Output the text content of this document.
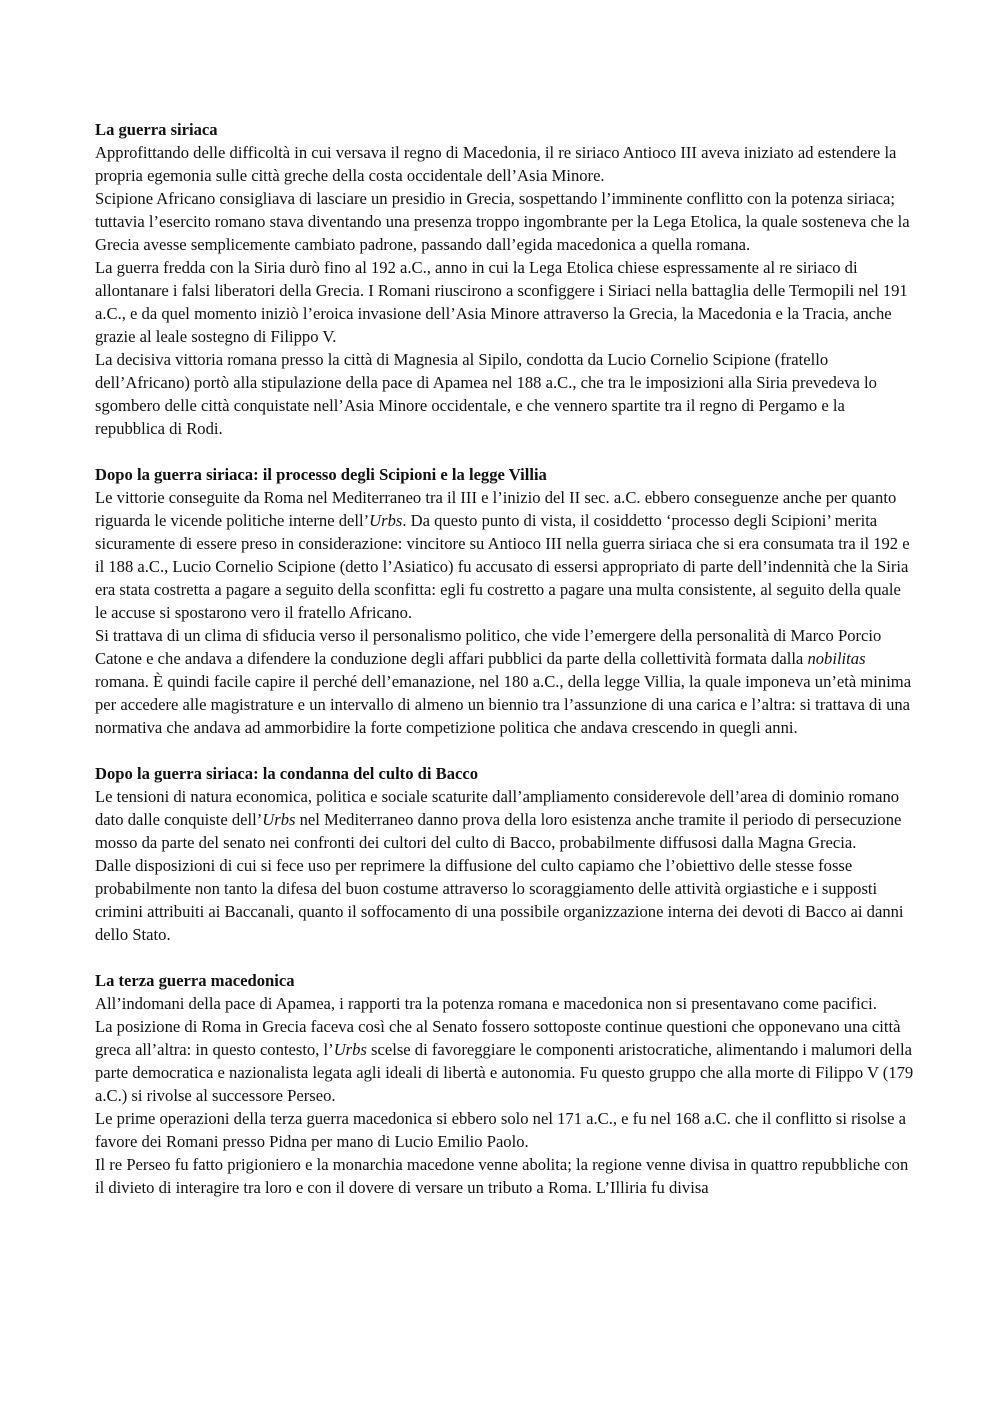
La guerra siriaca

Approfittando delle difficoltà in cui versava il regno di Macedonia, il re siriaco Antioco III aveva iniziato ad estendere la propria egemonia sulle città greche della costa occidentale dell’Asia Minore.

Scipione Africano consigliava di lasciare un presidio in Grecia, sospettando l’imminente conflitto con la potenza siriaca; tuttavia l’esercito romano stava diventando una presenza troppo ingombrante per la Lega Etolica, la quale sosteneva che la Grecia avesse semplicemente cambiato padrone, passando dall’egida macedonica a quella romana.

La guerra fredda con la Siria durò fino al 192 a.C., anno in cui la Lega Etolica chiese espressamente al re siriaco di allontanare i falsi liberatori della Grecia. I Romani riuscirono a sconfiggere i Siriaci nella battaglia delle Termopili nel 191 a.C., e da quel momento iniziò l’eroica invasione dell’Asia Minore attraverso la Grecia, la Macedonia e la Tracia, anche grazie al leale sostegno di Filippo V.

La decisiva vittoria romana presso la città di Magnesia al Sipilo, condotta da Lucio Cornelio Scipione (fratello dell’Africano) portò alla stipulazione della pace di Apamea nel 188 a.C., che tra le imposizioni alla Siria prevedeva lo sgombero delle città conquistate nell’Asia Minore occidentale, e che vennero spartite tra il regno di Pergamo e la repubblica di Rodi.

Dopo la guerra siriaca: il processo degli Scipioni e la legge Villia

Le vittorie conseguite da Roma nel Mediterraneo tra il III e l’inizio del II sec. a.C. ebbero conseguenze anche per quanto riguarda le vicende politiche interne dell’Urbs. Da questo punto di vista, il cosiddetto ‘processo degli Scipioni’ merita sicuramente di essere preso in considerazione: vincitore su Antioco III nella guerra siriaca che si era consumata tra il 192 e il 188 a.C., Lucio Cornelio Scipione (detto l’Asiatico) fu accusato di essersi appropriato di parte dell’indennità che la Siria era stata costretta a pagare a seguito della sconfitta: egli fu costretto a pagare una multa consistente, al seguito della quale le accuse si spostarono vero il fratello Africano.

Si trattava di un clima di sfiducia verso il personalismo politico, che vide l’emergere della personalità di Marco Porcio Catone e che andava a difendere la conduzione degli affari pubblici da parte della collettività formata dalla nobilitas romana. È quindi facile capire il perché dell’emanazione, nel 180 a.C., della legge Villia, la quale imponeva un’età minima per accedere alle magistrature e un intervallo di almeno un biennio tra l’assunzione di una carica e l’altra: si trattava di una normativa che andava ad ammorbidire la forte competizione politica che andava crescendo in quegli anni.

Dopo la guerra siriaca: la condanna del culto di Bacco

Le tensioni di natura economica, politica e sociale scaturite dall’ampliamento considerevole dell’area di dominio romano dato dalle conquiste dell’Urbs nel Mediterraneo danno prova della loro esistenza anche tramite il periodo di persecuzione mosso da parte del senato nei confronti dei cultori del culto di Bacco, probabilmente diffusosi dalla Magna Grecia.

Dalle disposizioni di cui si fece uso per reprimere la diffusione del culto capiamo che l’obiettivo delle stesse fosse probabilmente non tanto la difesa del buon costume attraverso lo scoraggiamento delle attività orgiastiche e i supposti crimini attribuiti ai Baccanali, quanto il soffocamento di una possibile organizzazione interna dei devoti di Bacco ai danni dello Stato.

La terza guerra macedonica

All’indomani della pace di Apamea, i rapporti tra la potenza romana e macedonica non si presentavano come pacifici.

La posizione di Roma in Grecia faceva così che al Senato fossero sottoposte continue questioni che opponevano una città greca all’altra: in questo contesto, l’Urbs scelse di favoreggiare le componenti aristocratiche, alimentando i malumori della parte democratica e nazionalista legata agli ideali di libertà e autonomia. Fu questo gruppo che alla morte di Filippo V (179 a.C.) si rivolse al successore Perseo.

Le prime operazioni della terza guerra macedonica si ebbero solo nel 171 a.C., e fu nel 168 a.C. che il conflitto si risolse a favore dei Romani presso Pidna per mano di Lucio Emilio Paolo.

Il re Perseo fu fatto prigioniero e la monarchia macedone venne abolita; la regione venne divisa in quattro repubbliche con il divieto di interagire tra loro e con il dovere di versare un tributo a Roma. L’Illiria fu divisa
